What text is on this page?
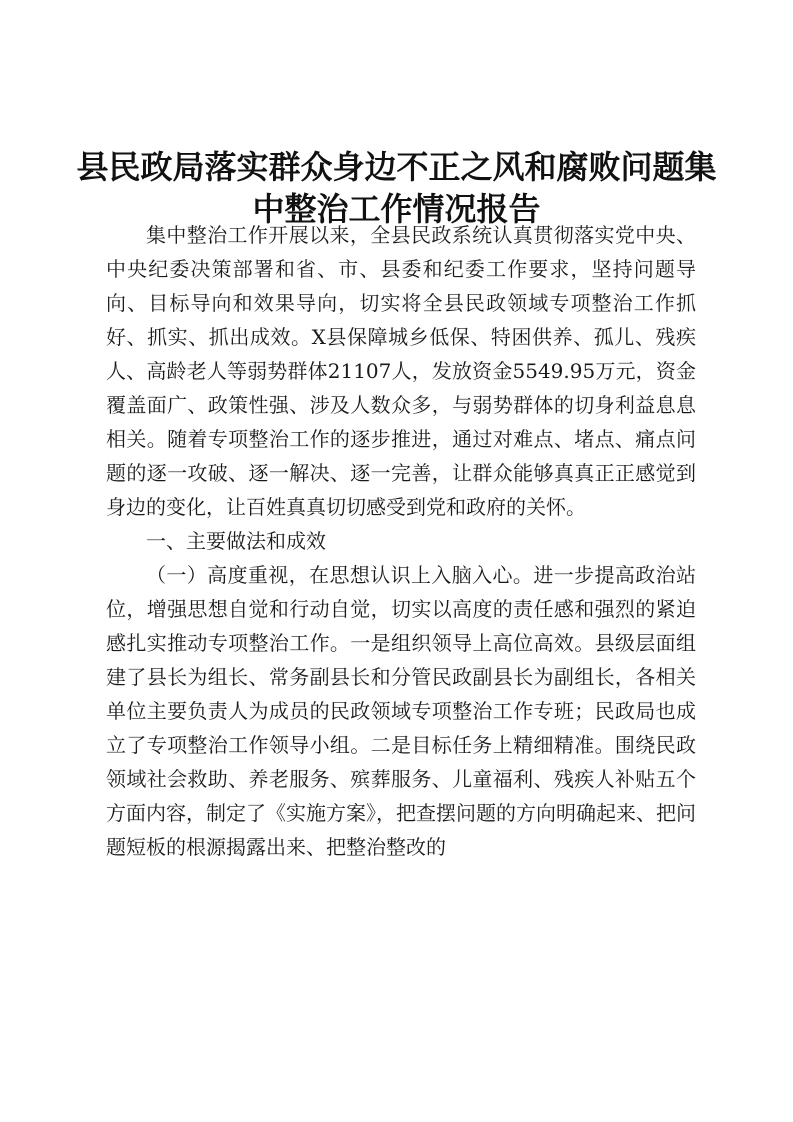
县民政局落实群众身边不正之风和腐败问题集
中整治工作情况报告

集中整治工作开展以来，全县民政系统认真贯彻落实党中央、中央纪委决策部署和省、市、县委和纪委工作要求，坚持问题导向、目标导向和效果导向，切实将全县民政领域专项整治工作抓好、抓实、抓出成效。X县保障城乡低保、特困供养、孤儿、残疾人、高龄老人等弱势群体21107人，发放资金5549.95万元，资金覆盖面广、政策性强、涉及人数众多，与弱势群体的切身利益息息相关。随着专项整治工作的逐步推进，通过对难点、堵点、痛点问题的逐一攻破、逐一解决、逐一完善，让群众能够真真正正感觉到身边的变化，让百姓真真切切感受到党和政府的关怀。

一、主要做法和成效

（一）高度重视，在思想认识上入脑入心。进一步提高政治站位，增强思想自觉和行动自觉，切实以高度的责任感和强烈的紧迫感扎实推动专项整治工作。一是组织领导上高位高效。县级层面组建了县长为组长、常务副县长和分管民政副县长为副组长，各相关单位主要负责人为成员的民政领域专项整治工作专班；民政局也成立了专项整治工作领导小组。二是目标任务上精细精准。围绕民政领域社会救助、养老服务、殡葬服务、儿童福利、残疾人补贴五个方面内容，制定了《实施方案》，把查摆问题的方向明确起来、把问题短板的根源揭露出来、把整治整改的
